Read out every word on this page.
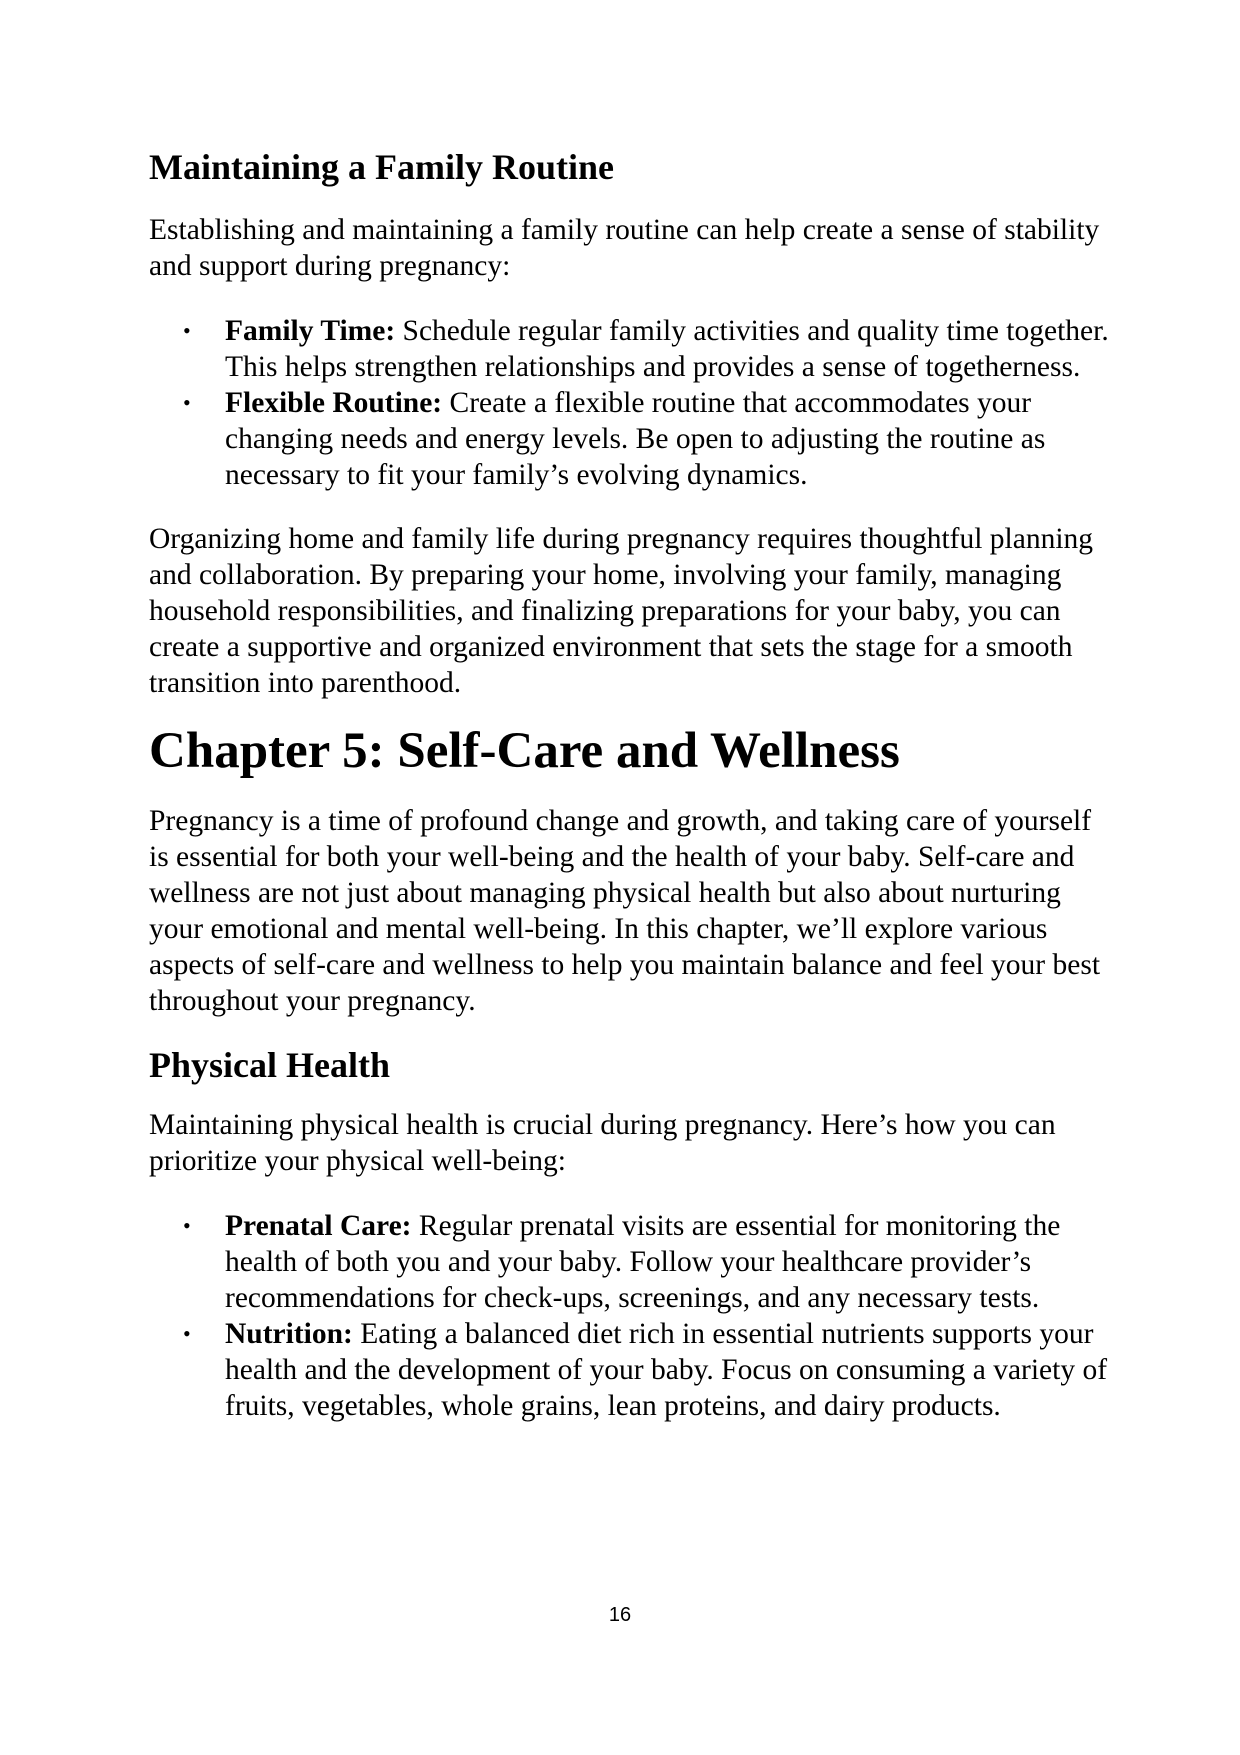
Maintaining a Family Routine

Establishing and maintaining a family routine can help create a sense of stability and support during pregnancy:

• Family Time: Schedule regular family activities and quality time together. This helps strengthen relationships and provides a sense of togetherness.
• Flexible Routine: Create a flexible routine that accommodates your changing needs and energy levels. Be open to adjusting the routine as necessary to fit your family’s evolving dynamics.

Organizing home and family life during pregnancy requires thoughtful planning and collaboration. By preparing your home, involving your family, managing household responsibilities, and finalizing preparations for your baby, you can create a supportive and organized environment that sets the stage for a smooth transition into parenthood.

Chapter 5: Self-Care and Wellness

Pregnancy is a time of profound change and growth, and taking care of yourself is essential for both your well-being and the health of your baby. Self-care and wellness are not just about managing physical health but also about nurturing your emotional and mental well-being. In this chapter, we’ll explore various aspects of self-care and wellness to help you maintain balance and feel your best throughout your pregnancy.

Physical Health

Maintaining physical health is crucial during pregnancy. Here’s how you can prioritize your physical well-being:

• Prenatal Care: Regular prenatal visits are essential for monitoring the health of both you and your baby. Follow your healthcare provider’s recommendations for check-ups, screenings, and any necessary tests.
• Nutrition: Eating a balanced diet rich in essential nutrients supports your health and the development of your baby. Focus on consuming a variety of fruits, vegetables, whole grains, lean proteins, and dairy products.
16
